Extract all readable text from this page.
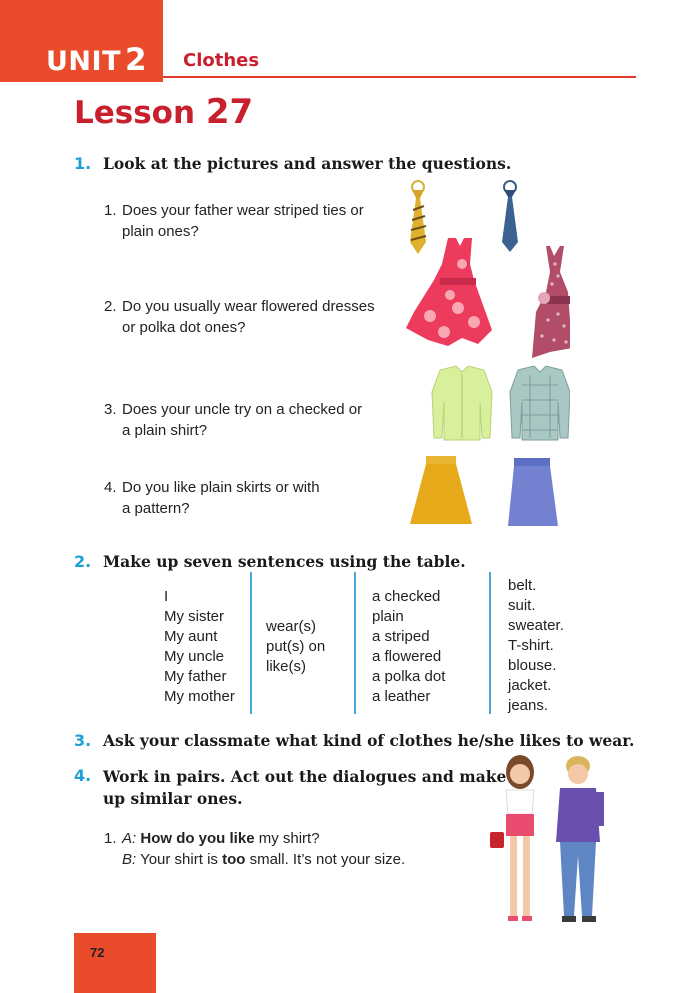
UNIT 2 Clothes
Lesson 27
1. Look at the pictures and answer the questions.
1. Does your father wear striped ties or
plain ones?
2. Do you usually wear flowered dresses
or polka dot ones?
3. Does your uncle try on a checked or
a plain shirt?
4. Do you like plain skirts or with
a pattern?
2. Make up seven sentences using the table.
I
My sister
My aunt
My uncle
My father
My mother
wear(s)
put(s) on
like(s)
a checked
plain
a striped
a flowered
a polka dot
a leather
belt.
suit.
sweater.
T-shirt.
blouse.
jacket.
jeans.
3. Ask your classmate what kind of clothes he/she likes to wear.
4. Work in pairs. Act out the dialogues and make
up similar ones.
1. A: How do you like my shirt?
B: Your shirt is too small. It’s not your size.
72
